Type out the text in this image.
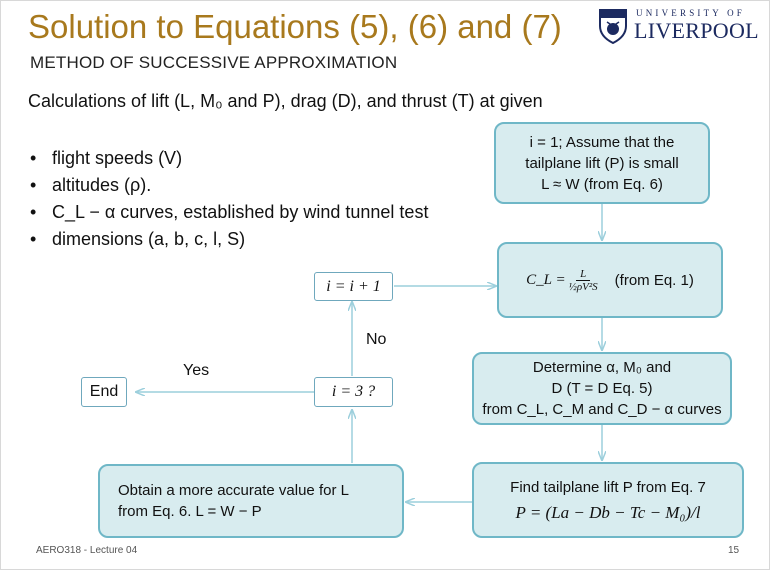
Solution to Equations (5), (6) and (7)
METHOD OF SUCCESSIVE APPROXIMATION
UNIVERSITY OF
LIVERPOOL
Calculations of lift (L, M₀ and P), drag (D), and thrust (T) at given
• flight speeds (V)
• altitudes (ρ).
• C_L − α curves, established by wind tunnel test
• dimensions (a, b, c, l, S)
i = 1; Assume that the
tailplane lift (P) is small
L ≈ W (from Eq. 6)
C_L = $\frac{L}{\text{½ρV²S}}$ (from Eq. 1)
Determine α, M₀ and
D (T = D Eq. 5)
from C_L, C_M and C_D − α curves
Find tailplane lift P from Eq. 7
P = (La − Db − Tc − M₀)/l
Obtain a more accurate value for L
from Eq. 6. L = W − P
i = 3 ?
i = i + 1
End
Yes
No
AERO318 - Lecture 04	15
